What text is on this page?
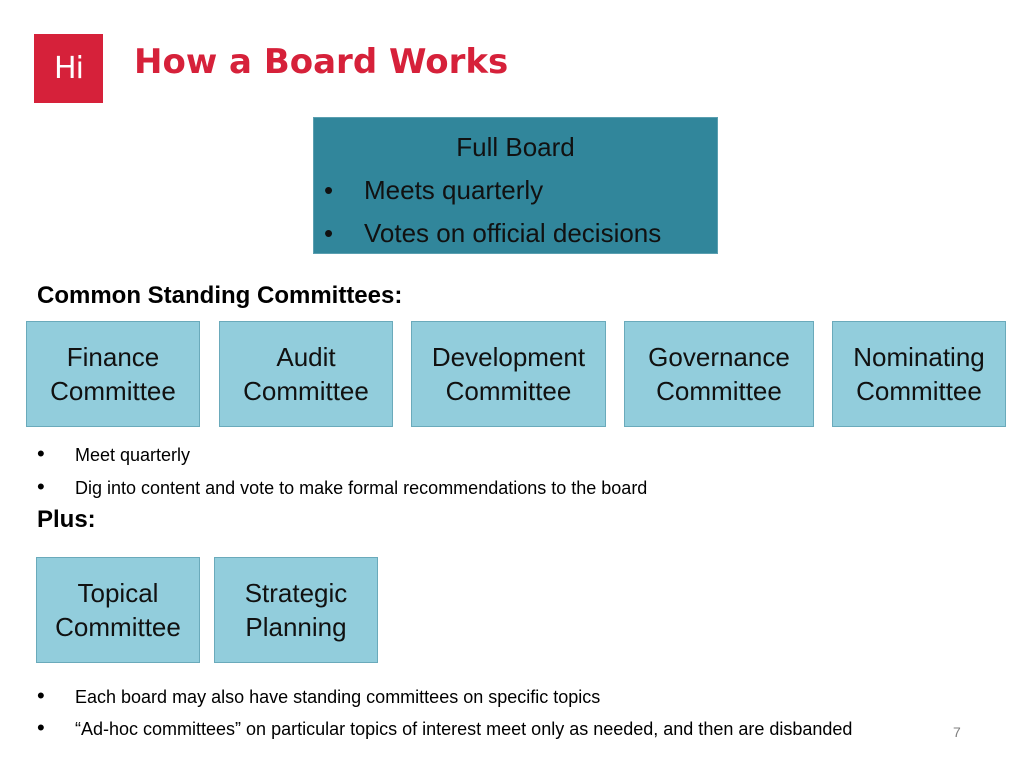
Hi	How a Board Works
Full Board
• Meets quarterly
• Votes on official decisions
Common Standing Committees:
Finance
Committee
Audit
Committee
Development
Committee
Governance
Committee
Nominating
Committee
• Meet quarterly
• Dig into content and vote to make formal recommendations to the board
Plus:
Topical
Committee
Strategic
Planning
• Each board may also have standing committees on specific topics
• “Ad-hoc committees” on particular topics of interest meet only as needed, and then are disbanded	7
